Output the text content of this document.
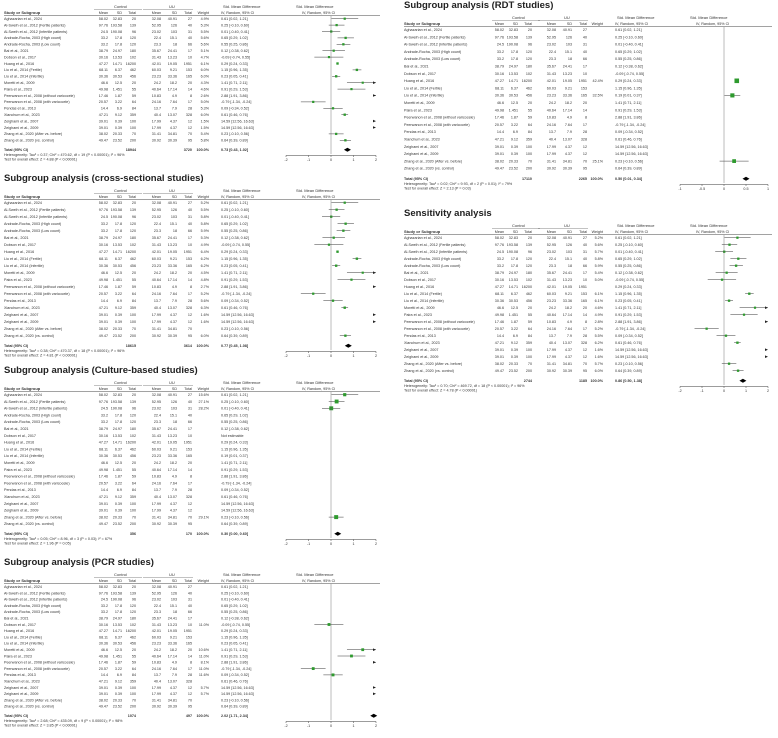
Control	UU	Std. Mean Difference	Std. Mean Difference
Study or Subgroup	Mean SD Total	Mean	SD Total Weight	IV, Random, 95% CI	IV, Random, 95% CI
Aghazarian et al., 2024	58.02 32.83	20	32.08 40.91	27 4.9%	0.61 [0.02, 1.21]
Al-Sweih et al., 2012 (Fertile patients)	97.76 193.58 139	52.95	126	40 5.3%	0.25 [-0.10, 0.60]
Al-Sweih et al., 2012 (Infertile patients)	24.5 190.08	96	23.02	103	31 5.5%	0.01 [-0.40, 0.41]
Andrade-Rocha, 2003 (High count)	33.2 17.8 120	22.4 15.1	40 5.6%	0.65 [0.29, 1.02]
Andrade-Rocha, 2003 (Low count)	33.2 17.8 120	23.3	18	66 5.6%	0.55 [0.25, 0.86]
Bai et al., 2021	38.79 24.97 180	35.67 24.41	17 5.1%	0.12 [-0.38, 0.62]
Dobson et al., 2017	30.16 13.53 102	31.43 13.23	10 4.7%	-0.09 [-0.74, 0.55]
Huang et al., 2016	47.27 14.71 16200	42.01 19.05 1951 6.1%	0.29 [0.24, 0.33]
Liu et al., 2014 (Fertile)	68.11 6.37 462	60.03 9.21 153 6.0%	1.15 [0.96, 1.35]
Liu et al., 2014 (Infertile)	30.36 30.53 456	23.23 33.36 165 6.0%	0.23 [0.05, 0.41]
Moretti et al., 2009	46.6 12.5	20	24.2 18.2	20 4.3%	1.41 [0.71, 2.11]
Paira et al., 2023	49.98 1.451	55	40.64 17.14	14 4.6%	0.91 [0.29, 1.53]
Peerwanon et al., 2008 (without varicocele)	17.46 1.87	59	10.83	4.9	8 2.6%	2.88 [1.91, 3.86]
Peerwanon et al., 2008 (with varicocele)	20.57 3.22	64	24.16 7.64	17 5.0%	-0.79 [-1.34, -0.24]
Pendas et al., 2013	14.4 6.9	84	13.7	7.9	28 5.3%	0.09 [-0.34, 0.52]
Xianchum et al., 2023	47.21 9.12 359	40.4 13.07 328 6.0%	0.61 [0.46, 0.76]
Zeighami et al., 2007	39.01 0.39 100	17.99 4.37	12 1.5%	14.59 [12.56, 16.63]
Zeighami et al., 2009	39.01 0.39 100	17.99 4.37	12 1.5%	14.59 [12.56, 16.63]
Zhang et al., 2020 (After vs. before)	38.02 20.33	70	31.41 34.81	70 5.4%	0.23 [-0.10, 0.56]
Zhang et al., 2020 (vs. control)	49.47 23.52 200	30.92 30.39	95 5.8%	0.64 [0.39, 0.89]
Total (95% CI)	18944	3720 100.0%	0.73 [0.43, 1.02]
Heterogeneity: Tau² = 0.37; Chi² = 470.62, df = 19 (P < 0.00001); I² = 96%
Test for overall effect: Z = 4.88 (P < 0.00001)	-2	-1	0	1	2
Subgroup analysis (RDT studies)
Control	UU	Std. Mean Difference	Std. Mean Difference
Study or Subgroup	Mean SD Total	Mean	SD Total Weight	IV, Random, 95% CI	IV, Random, 95% CI
Aghazarian et al., 2024	58.02 32.83	20	32.08 40.91	27	0.61 [0.02, 1.21]
Al-Sweih et al., 2012 (Fertile patients)	97.76 193.58 139	52.95	126	40	0.25 [-0.10, 0.60]
Al-Sweih et al., 2012 (Infertile patients)	24.5 190.08	96	23.02	103	31	0.01 [-0.40, 0.41]
Andrade-Rocha, 2003 (High count)	33.2 17.8 120	22.4 15.1	40	0.65 [0.29, 1.02]
Andrade-Rocha, 2003 (Low count)	33.2 17.8 120	23.3	18	66	0.55 [0.25, 0.86]
Bai et al., 2021	38.79 24.97 180	35.67 24.41	17	0.12 [-0.38, 0.62]
Dobson et al., 2017	30.16 13.53 102	31.43 13.23	10	-0.09 [-0.74, 0.55]
Huang et al., 2016	47.27 14.71 16200	42.01 19.05 1951 42.4%	0.29 [0.24, 0.33]
Liu et al., 2014 (Fertile)	68.11 6.37 462	60.03 9.21 153	1.15 [0.96, 1.35]
Liu et al., 2014 (Infertile)	30.36 30.53 456	23.23 33.36 165 32.5%	0.19 [0.01, 0.37]
Moretti et al., 2009	46.6 12.5	20	24.2 18.2	20	1.41 [0.71, 2.11]
Paira et al., 2023	49.98 1.451	55	40.64 17.14	14	0.91 [0.29, 1.53]
Peerwanon et al., 2008 (without varicocele)	17.46 1.87	59	10.83	4.9	8	2.88 [1.91, 3.86]
Peerwanon et al., 2008 (with varicocele)	20.57 3.22	64	24.16 7.64	17	-0.79 [-1.34, -0.24]
Pendas et al., 2013	14.4 6.9	84	13.7	7.9	28	0.09 [-0.34, 0.52]
Xianchum et al., 2023	47.21 9.12 359	40.4 13.07 328	0.61 [0.46, 0.76]
Zeighami et al., 2007	39.01 0.39 100	17.99 4.37	12	14.59 [12.56, 16.63]
Zeighami et al., 2009	39.01 0.39 100	17.99 4.37	12	14.59 [12.56, 16.63]
Zhang et al., 2020 (After vs. before)	38.02 20.33	70	31.41 34.81	70 25.1%	0.23 [-0.10, 0.56]
Zhang et al., 2020 (vs. control)	49.47 23.52 200	30.92 30.39	95	0.64 [0.39, 0.89]
Total (95% CI)	17110	2265 100.0%	0.50 [0.01, 0.34]
Heterogeneity: Tau² = 0.02; Chi² = 9.93, df = 2 (P = 0.01); I² = 79%
Test for overall effect: Z = 2.13 (P = 0.03)	-1	-0.5	0	0.5	1
Subgroup analysis (cross-sectional studies)
Control	UU	Std. Mean Difference	Std. Mean Difference
Study or Subgroup	Mean SD Total	Mean	SD Total Weight	IV, Random, 95% CI	IV, Random, 95% CI
Aghazarian et al., 2024	58.02 32.83	20	32.08 40.91	27 5.2%	0.61 [0.02, 1.21]
Al-Sweih et al., 2012 (Fertile patients)	97.76 193.58 139	52.95	126	40 5.5%	0.25 [-0.10, 0.60]
Al-Sweih et al., 2012 (Infertile patients)	24.5 190.08	96	23.02	103	31 5.8%	0.01 [-0.40, 0.41]
Andrade-Rocha, 2003 (High count)	33.2 17.8 120	22.4 15.1	40 5.8%	0.65 [0.29, 1.02]
Andrade-Rocha, 2003 (Low count)	33.2 17.8 120	23.3	18	66 5.9%	0.55 [0.25, 0.86]
Bai et al., 2021	38.79 24.97 180	35.67 24.41	17 5.3%	0.12 [-0.38, 0.62]
Dobson et al., 2017	30.16 13.53 102	31.43 13.23	10 4.9%	-0.09 [-0.74, 0.55]
Huang et al., 2016	47.27 14.71 16200	42.01 19.05 1951 6.4%	0.29 [0.24, 0.33]
Liu et al., 2014 (Fertile)	68.11 6.37 462	60.03 9.21 153 6.2%	1.15 [0.96, 1.35]
Liu et al., 2014 (Infertile)	30.36 30.53 456	23.23 33.36 165 6.2%	0.23 [0.05, 0.41]
Moretti et al., 2009	46.6 12.5	20	24.2 18.2	20 4.5%	1.41 [0.71, 2.11]
Paira et al., 2023	49.98 1.451	55	40.64 17.14	14 4.8%	0.91 [0.29, 1.53]
Peerwanon et al., 2008 (without varicocele)	17.46 1.87	59	10.83	4.9	8 2.7%	2.88 [1.91, 3.86]
Peerwanon et al., 2008 (with varicocele)	20.57 3.22	64	24.16 7.64	17 5.2%	-0.79 [-1.34, -0.24]
Pendas et al., 2013	14.4 6.9	84	13.7	7.9	28 5.6%	0.09 [-0.34, 0.52]
Xianchum et al., 2023	47.21 9.12 359	40.4 13.07 328 6.3%	0.61 [0.46, 0.76]
Zeighami et al., 2007	39.01 0.39 100	17.99 4.37	12 1.6%	14.59 [12.56, 16.63]
Zeighami et al., 2009	39.01 0.39 100	17.99 4.37	12 1.6%	14.59 [12.56, 16.63]
Zhang et al., 2020 (After vs. before)	38.02 20.33	70	31.41 34.81	70	0.23 [-0.10, 0.56]
Zhang et al., 2020 (vs. control)	49.47 23.52 200	30.92 30.39	95 6.0%	0.64 [0.39, 0.89]
Total (95% CI)	18615	3614 100.0%	0.77 [0.45, 1.08]
Heterogeneity: Tau² = 0.38; Chi² = 470.37, df = 18 (P < 0.00001); I² = 96%
Test for overall effect: Z = 4.81 (P < 0.00001)	-2	-1	0	1	2
Sensitivity analysis
Control	UU	Std. Mean Difference	Std. Mean Difference
Study or Subgroup	Mean SD Total	Mean	SD Total Weight	IV, Random, 95% CI	IV, Random, 95% CI
Aghazarian et al., 2024	58.02 32.83	20	32.08 40.91	27 5.2%	0.61 [0.02, 1.21]
Al-Sweih et al., 2012 (Fertile patients)	97.76 193.58 139	52.95	126	40 5.6%	0.25 [-0.10, 0.60]
Al-Sweih et al., 2012 (Infertile patients)	24.5 190.08	96	23.02	103	31 5.7%	0.01 [-0.40, 0.41]
Andrade-Rocha, 2003 (High count)	33.2 17.8 120	22.4 15.1	40 5.8%	0.65 [0.29, 1.02]
Andrade-Rocha, 2003 (Low count)	33.2 17.8 120	23.3	18	66 5.9%	0.55 [0.25, 0.86]
Bai et al., 2021	38.79 24.97 180	35.67 24.41	17 5.4%	0.12 [-0.38, 0.62]
Dobson et al., 2017	30.16 13.53 102	31.43 13.23	10 5.0%	-0.09 [-0.74, 0.55]
Huang et al., 2016	47.27 14.71 16200	42.01 19.05 1951	0.29 [0.24, 0.33]
Liu et al., 2014 (Fertile)	68.11 6.37 462	60.03 9.21 153 6.1%	1.15 [0.96, 1.35]
Liu et al., 2014 (Infertile)	30.36 30.53 456	23.23 33.36 165 6.1%	0.23 [0.05, 0.41]
Moretti et al., 2009	46.6 12.5	20	24.2 18.2	20 4.6%	1.41 [0.71, 2.11]
Paira et al., 2023	49.98 1.451	55	40.64 17.14	14 4.9%	0.91 [0.29, 1.53]
Peerwanon et al., 2008 (without varicocele)	17.46 1.87	59	10.83	4.9	8 2.8%	2.88 [1.91, 3.86]
Peerwanon et al., 2008 (with varicocele)	20.57 3.22	64	24.16 7.64	17 5.2%	-0.79 [-1.34, -0.24]
Pendas et al., 2013	14.4 6.9	84	13.7	7.9	28 5.5%	0.09 [-0.34, 0.52]
Xianchum et al., 2023	47.21 9.12 359	40.4 13.07 328 6.2%	0.61 [0.46, 0.76]
Zeighami et al., 2007	39.01 0.39 100	17.99 4.37	12 1.6%	14.59 [12.56, 16.63]
Zeighami et al., 2009	39.01 0.39 100	17.99 4.37	12 1.6%	14.59 [12.56, 16.63]
Zhang et al., 2020 (After vs. before)	38.02 20.33	70	31.41 34.81	70 5.7%	0.23 [-0.10, 0.56]
Zhang et al., 2020 (vs. control)	49.47 23.52 200	30.92 30.39	95 6.0%	0.64 [0.39, 0.89]
Total (95% CI)	2744	1185 100.0%	0.86 [0.50, 1.38]
Heterogeneity: Tau² = 0.70; Chi² = 469.72, df = 18 (P < 0.00001); I² = 96%
Test for overall effect: Z = 4.78 (P < 0.00001)	-2	-1	0	1	2
Subgroup analysis (Culture-based studies)
Control	UU	Std. Mean Difference	Std. Mean Difference
Study or Subgroup	Mean SD Total	Mean	SD Total Weight	IV, Random, 95% CI	IV, Random, 95% CI
Aghazarian et al., 2024	58.02 32.83	20	32.08 40.91	27 15.6%	0.61 [0.02, 1.21]
Al-Sweih et al., 2012 (Fertile patients)	97.76 193.58 139	52.95	126	40 27.1%	0.25 [-0.10, 0.60]
Al-Sweih et al., 2012 (Infertile patients)	24.5 190.08	96	23.02	103	31 28.2%	0.01 [-0.40, 0.41]
Andrade-Rocha, 2003 (High count)	33.2 17.8 120	22.4 15.1	40	0.65 [0.29, 1.02]
Andrade-Rocha, 2003 (Low count)	33.2 17.8 120	23.3	18	66	0.55 [0.25, 0.86]
Bai et al., 2021	38.79 24.97 180	35.67 24.41	17	0.12 [-0.38, 0.62]
Dobson et al., 2017	30.16 13.53 102	31.43 13.23	10	Not estimable
Huang et al., 2016	47.27 14.71 16200	42.01 19.05 1951	0.29 [0.24, 0.33]
Liu et al., 2014 (Fertile)	68.11 6.37 462	60.03 9.21 153	1.15 [0.96, 1.35]
Liu et al., 2014 (Infertile)	30.36 30.53 456	23.23 33.36 165	0.19 [0.01, 0.37]
Moretti et al., 2009	46.6 12.5	20	24.2 18.2	20	1.41 [0.71, 2.11]
Paira et al., 2023	49.98 1.451	55	40.64 17.14	14	0.91 [0.29, 1.53]
Peerwanon et al., 2008 (without varicocele)	17.46 1.87	59	10.83	4.9	8	2.88 [1.91, 3.86]
Peerwanon et al., 2008 (with varicocele)	20.57 3.22	64	24.16 7.64	17	-0.79 [-1.34, -0.24]
Pendas et al., 2013	14.4 6.9	84	13.7	7.9	28	0.09 [-0.34, 0.52]
Xianchum et al., 2023	47.21 9.12 359	40.4 13.07 328	0.61 [0.46, 0.76]
Zeighami et al., 2007	39.01 0.39 100	17.99 4.37	12	14.59 [12.56, 16.63]
Zeighami et al., 2009	39.01 0.39 100	17.99 4.37	12	14.59 [12.56, 16.63]
Zhang et al., 2020 (After vs. before)	38.02 20.33	70	31.41 34.81	70 29.1%	0.23 [-0.10, 0.56]
Zhang et al., 2020 (vs. control)	49.47 23.52 200	30.92 30.39	95	0.64 [0.39, 0.89]
Total (95% CI)	356	170 100.0%	0.30 [0.00, 0.60]
Heterogeneity: Tau² = 0.05; Chi² = 8.96, df = 3 (P = 0.03); I² = 67%
Test for overall effect: Z = 1.96 (P = 0.05)	-2	-1	0	1	2
Subgroup analysis (PCR studies)
Control	UU	Std. Mean Difference	Std. Mean Difference
Study or Subgroup	Mean SD Total	Mean	SD Total Weight	IV, Random, 95% CI	IV, Random, 95% CI
Aghazarian et al., 2024	58.02 32.83	20	32.08 40.91	27	0.61 [0.02, 1.21]
Al-Sweih et al., 2012 (Fertile patients)	97.76 193.58 139	52.95	126	40	0.25 [-0.10, 0.60]
Al-Sweih et al., 2012 (Infertile patients)	24.5 190.08	96	23.02	103	31	0.01 [-0.40, 0.41]
Andrade-Rocha, 2003 (High count)	33.2 17.8 120	22.4 15.1	40	0.65 [0.29, 1.02]
Andrade-Rocha, 2003 (Low count)	33.2 17.8 120	23.3	18	66	0.55 [0.25, 0.86]
Bai et al., 2021	38.79 24.97 180	35.67 24.41	17	0.12 [-0.38, 0.62]
Dobson et al., 2017	30.16 13.53 102	31.43 13.23	10 11.0%	-0.09 [-0.74, 0.55]
Huang et al., 2016	47.27 14.71 16200	42.01 19.05 1951	0.29 [0.24, 0.33]
Liu et al., 2014 (Fertile)	68.11 6.37 462	60.03 9.21 153	1.15 [0.96, 1.35]
Liu et al., 2014 (Infertile)	30.36 30.53 456	23.23 33.36 165	0.23 [0.05, 0.41]
Moretti et al., 2009	46.6 12.5	20	24.2 18.2	20 10.6%	1.41 [0.71, 2.11]
Paira et al., 2023	49.98 1.451	55	40.64 17.14	14 11.0%	0.91 [0.29, 1.53]
Peerwanon et al., 2008 (without varicocele)	17.46 1.87	59	10.83	4.9	8 8.1%	2.88 [1.91, 3.86]
Peerwanon et al., 2008 (with varicocele)	20.57 3.22	64	24.16 7.64	17 11.0%	-0.79 [-1.34, -0.24]
Pendas et al., 2013	14.4 6.9	84	13.7	7.9	28 11.6%	0.09 [-0.34, 0.52]
Xianchum et al., 2023	47.21 9.12 359	40.4 13.07 328	0.61 [0.46, 0.76]
Zeighami et al., 2007	39.01 0.39 100	17.99 4.37	12 5.7%	14.59 [12.56, 16.63]
Zeighami et al., 2009	39.01 0.39 100	17.99 4.37	12 5.7%	14.59 [12.56, 16.63]
Zhang et al., 2020 (After vs. before)	38.02 20.33	70	31.41 34.81	70	0.23 [-0.10, 0.56]
Zhang et al., 2020 (vs. control)	49.47 23.52 200	30.92 30.39	95	0.64 [0.39, 0.89]
Total (95% CI)	1074	497 100.0%	2.02 [1.71, 2.34]
Heterogeneity: Tau² = 2.68; Chi² = 435.09, df = 9 (P < 0.00001); I² = 98%
Test for overall effect: Z = 3.85 (P < 0.00001)	-2	-1	0	1	2
